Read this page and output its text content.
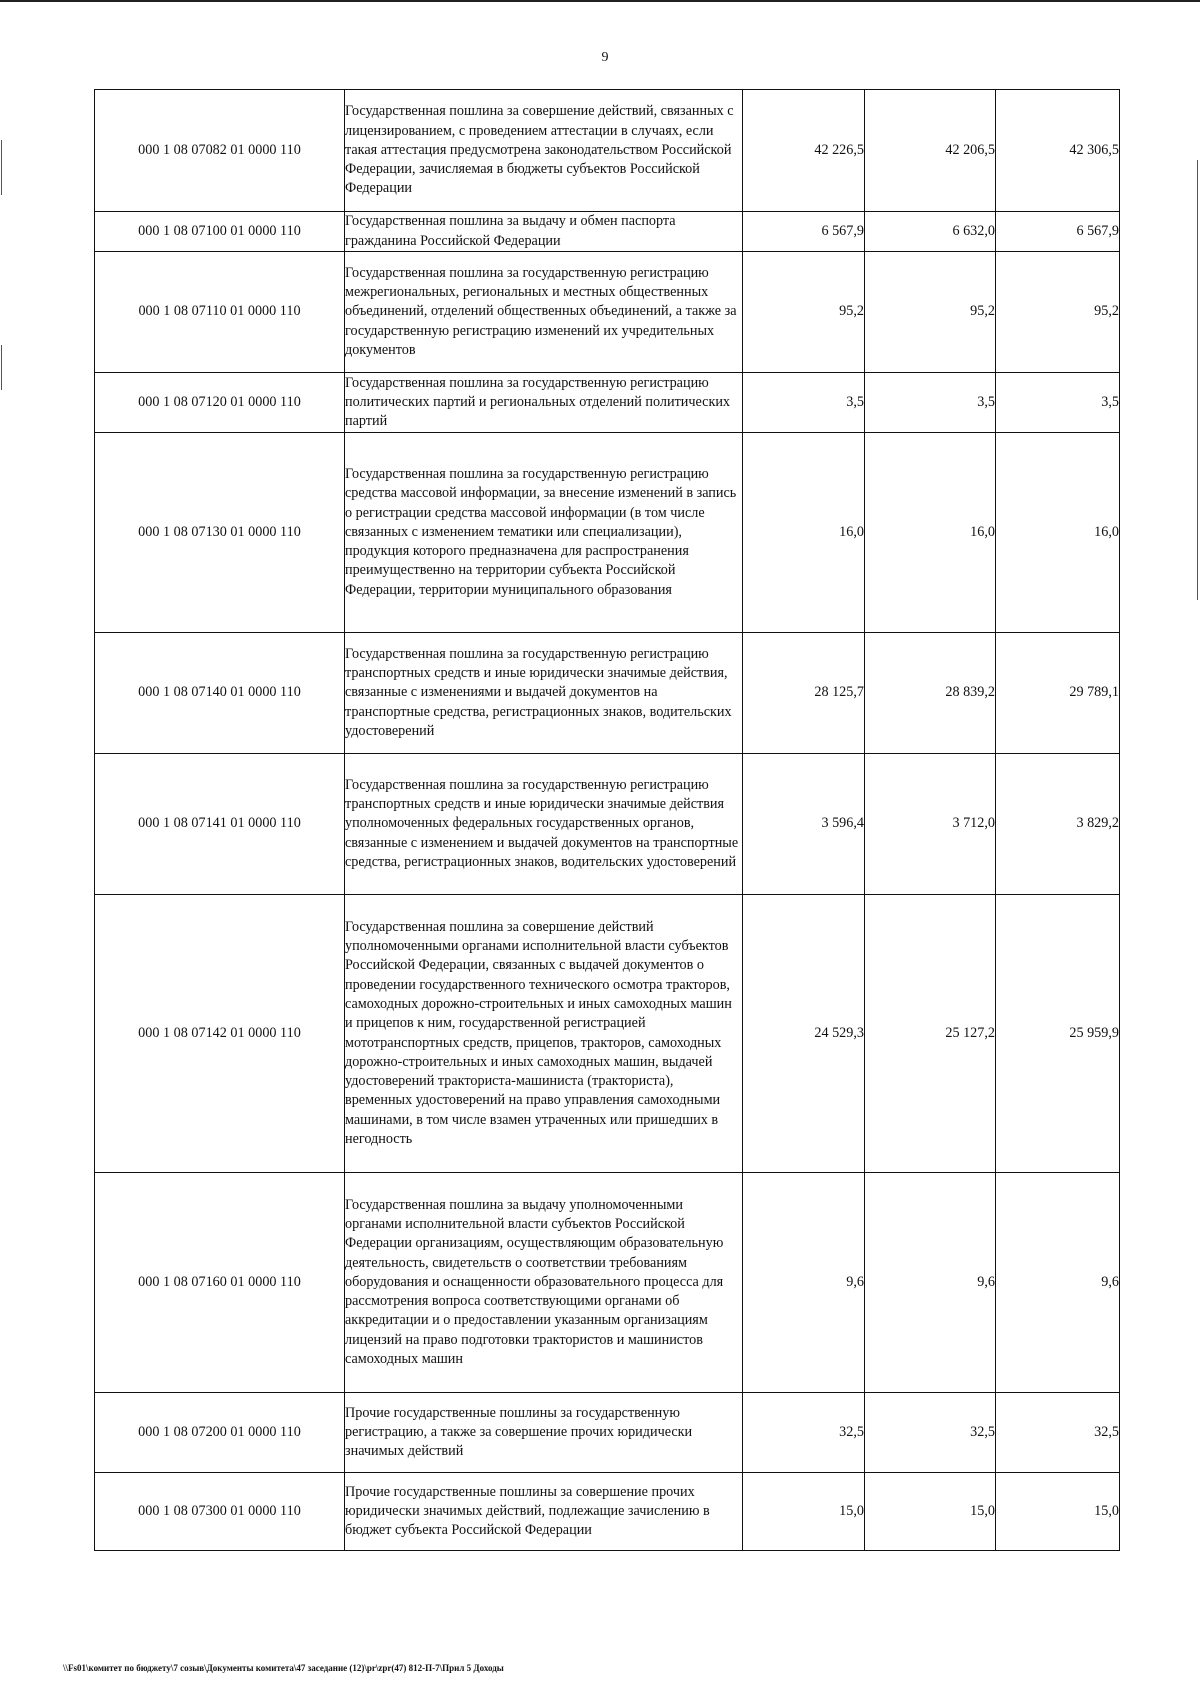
9
000 1 08 07082 01 0000 110	Государственная пошлина за совершение действий, связанных с лицензированием, с проведением аттестации в случаях, если такая аттестация предусмотрена законодательством Российской Федерации, зачисляемая в бюджеты субъектов Российской Федерации	42 226,5	42 206,5	42 306,5
000 1 08 07100 01 0000 110	Государственная пошлина за выдачу и обмен паспорта гражданина Российской Федерации	6 567,9	6 632,0	6 567,9
000 1 08 07110 01 0000 110	Государственная пошлина за государственную регистрацию межрегиональных, региональных и местных общественных объединений, отделений общественных объединений, а также за государственную регистрацию изменений их учредительных документов	95,2	95,2	95,2
000 1 08 07120 01 0000 110	Государственная пошлина за государственную регистрацию политических партий и региональных отделений политических партий	3,5	3,5	3,5
000 1 08 07130 01 0000 110	Государственная пошлина за государственную регистрацию средства массовой информации, за внесение изменений в запись о регистрации средства массовой информации (в том числе связанных с изменением тематики или специализации), продукция которого предназначена для распространения преимущественно на территории субъекта Российской Федерации, территории муниципального образования	16,0	16,0	16,0
000 1 08 07140 01 0000 110	Государственная пошлина за государственную регистрацию транспортных средств и иные юридически значимые действия, связанные с изменениями и выдачей документов на транспортные средства, регистрационных знаков, водительских удостоверений	28 125,7	28 839,2	29 789,1
000 1 08 07141 01 0000 110	Государственная пошлина за государственную регистрацию транспортных средств и иные юридически значимые действия уполномоченных федеральных государственных органов, связанные с изменением и выдачей документов на транспортные средства, регистрационных знаков, водительских удостоверений	3 596,4	3 712,0	3 829,2
000 1 08 07142 01 0000 110	Государственная пошлина за совершение действий уполномоченными органами исполнительной власти субъектов Российской Федерации, связанных с выдачей документов о проведении государственного технического осмотра тракторов, самоходных дорожно-строительных и иных самоходных машин и прицепов к ним, государственной регистрацией мототранспортных средств, прицепов, тракторов, самоходных дорожно-строительных и иных самоходных машин, выдачей удостоверений тракториста-машиниста (тракториста), временных удостоверений на право управления самоходными машинами, в том числе взамен утраченных или пришедших в негодность	24 529,3	25 127,2	25 959,9
000 1 08 07160 01 0000 110	Государственная пошлина за выдачу уполномоченными органами исполнительной власти субъектов Российской Федерации организациям, осуществляющим образовательную деятельность, свидетельств о соответствии требованиям оборудования и оснащенности образовательного процесса для рассмотрения вопроса соответствующими органами об аккредитации и о предоставлении указанным организациям лицензий на право подготовки трактористов и машинистов самоходных машин	9,6	9,6	9,6
000 1 08 07200 01 0000 110	Прочие государственные пошлины за государственную регистрацию, а также за совершение прочих юридически значимых действий	32,5	32,5	32,5
000 1 08 07300 01 0000 110	Прочие государственные пошлины за совершение прочих юридически значимых действий, подлежащие зачислению в бюджет субъекта Российской Федерации	15,0	15,0	15,0
\\Fs01\комитет по бюджету\7 созыв\Документы комитета\47 заседание (12)\pr\zpr(47) 812-П-7\Прил 5 Доходы
